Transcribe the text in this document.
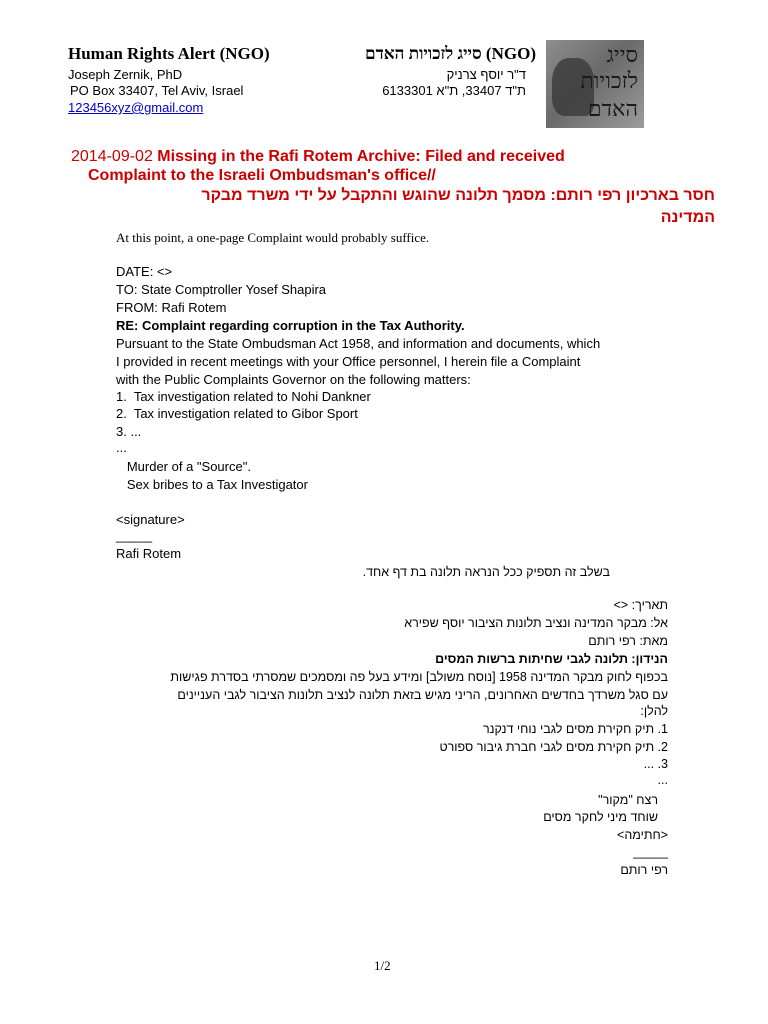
Human Rights Alert (NGO)	(NGO) סייג לזכויות האדם
Joseph Zernik, PhD	ד"ר יוסף צרניק
PO Box 33407, Tel Aviv, Israel	ת"ד 33407, ת"א 6133301
123456xyz@gmail.com
סייג
לזכויות
האדם
2014-09-02 Missing in the Rafi Rotem Archive: Filed and received
Complaint to the Israeli Ombudsman's office//
חסר בארכיון רפי רותם: מסמך תלונה שהוגש והתקבל על ידי משרד מבקר
המדינה
At this point, a one-page Complaint would probably suffice.
DATE: <>
TO: State Comptroller Yosef Shapira
FROM: Rafi Rotem
RE: Complaint regarding corruption in the Tax Authority.
Pursuant to the State Ombudsman Act 1958, and information and documents, which
I provided in recent meetings with your Office personnel, I herein file a Complaint
with the Public Complaints Governor on the following matters:
1.  Tax investigation related to Nohi Dankner
2.  Tax investigation related to Gibor Sport
3. ...
...
Murder of a "Source".
Sex bribes to a Tax Investigator
<signature>
_____
Rafi Rotem
בשלב זה תספיק ככל הנראה תלונה בת דף אחד.
תאריך: <>
אל: מבקר המדינה ונציב תלונות הציבור יוסף שפירא
מאת: רפי רותם
הנידון: תלונה לגבי שחיתות ברשות המסים
בכפוף לחוק מבקר המדינה 1958 [נוסח משולב] ומידע בעל פה ומסמכים שמסרתי בסדרת פגישות
עם סגל משרדך בחדשים האחרונים, הריני מגיש בזאת תלונה לנציב תלונות הציבור לגבי העניינים
להלן:
1. תיק חקירת מסים לגבי נוחי דנקנר
2. תיק חקירת מסים לגבי חברת גיבור ספורט
3. ...
...
רצח "מקור"
שוחד מיני לחקר מסים
<חתימה>
_____
רפי רותם
1/2
